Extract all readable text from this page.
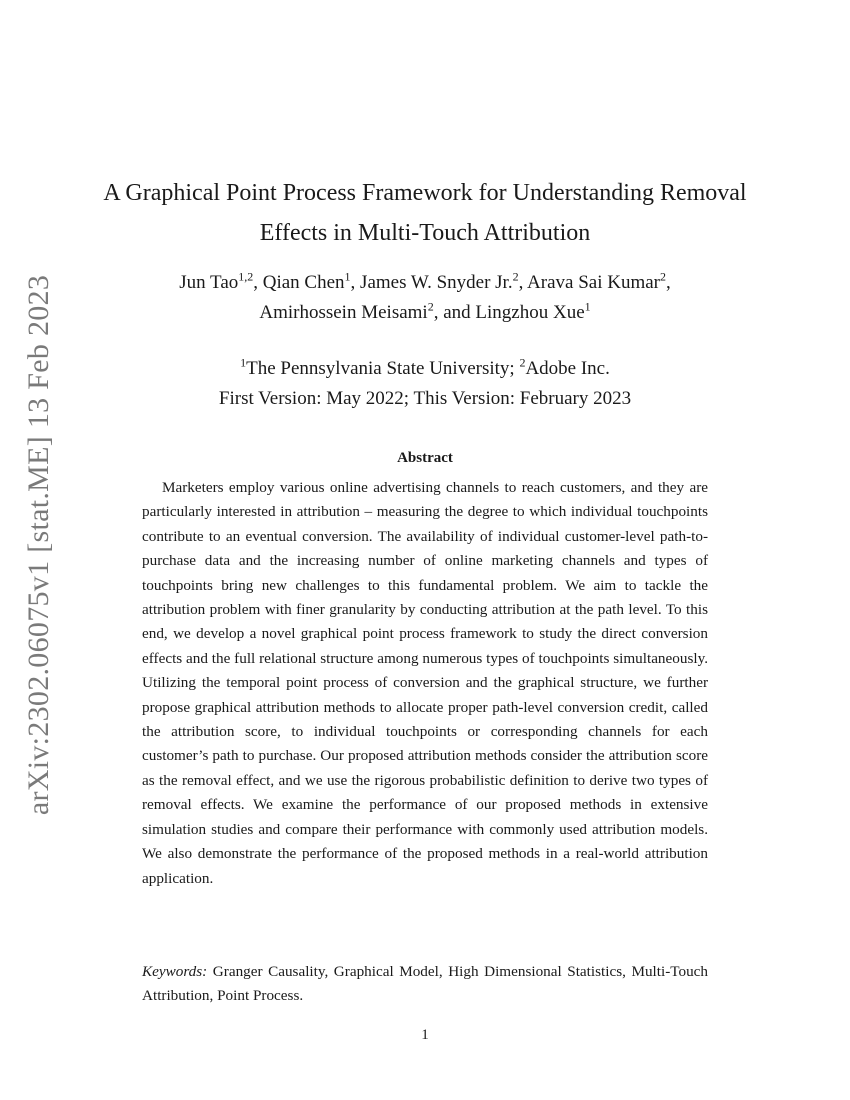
arXiv:2302.06075v1 [stat.ME] 13 Feb 2023
A Graphical Point Process Framework for Understanding Removal Effects in Multi-Touch Attribution
Jun Tao$^{1,2}$, Qian Chen$^1$, James W. Snyder Jr.$^2$, Arava Sai Kumar$^2$,
Amirhossein Meisami$^2$, and Lingzhou Xue$^1$
$^1$The Pennsylvania State University; $^2$Adobe Inc.
First Version: May 2022; This Version: February 2023
Abstract

Marketers employ various online advertising channels to reach customers, and they are particularly interested in attribution – measuring the degree to which individual touchpoints contribute to an eventual conversion. The availability of individual customer-level path-to-purchase data and the increasing number of online marketing channels and types of touchpoints bring new challenges to this fundamental problem. We aim to tackle the attribution problem with finer granularity by conducting attribution at the path level. To this end, we develop a novel graphical point process framework to study the direct conversion effects and the full relational structure among numerous types of touchpoints simultaneously. Utilizing the temporal point process of conversion and the graphical structure, we further propose graphical attribution methods to allocate proper path-level conversion credit, called the attribution score, to individual touchpoints or corresponding channels for each customer’s path to purchase. Our proposed attribution methods consider the attribution score as the removal effect, and we use the rigorous probabilistic definition to derive two types of removal effects. We examine the performance of our proposed methods in extensive simulation studies and compare their performance with commonly used attribution models. We also demonstrate the performance of the proposed methods in a real-world attribution application.

Keywords: Granger Causality, Graphical Model, High Dimensional Statistics, Multi-Touch Attribution, Point Process.

1
